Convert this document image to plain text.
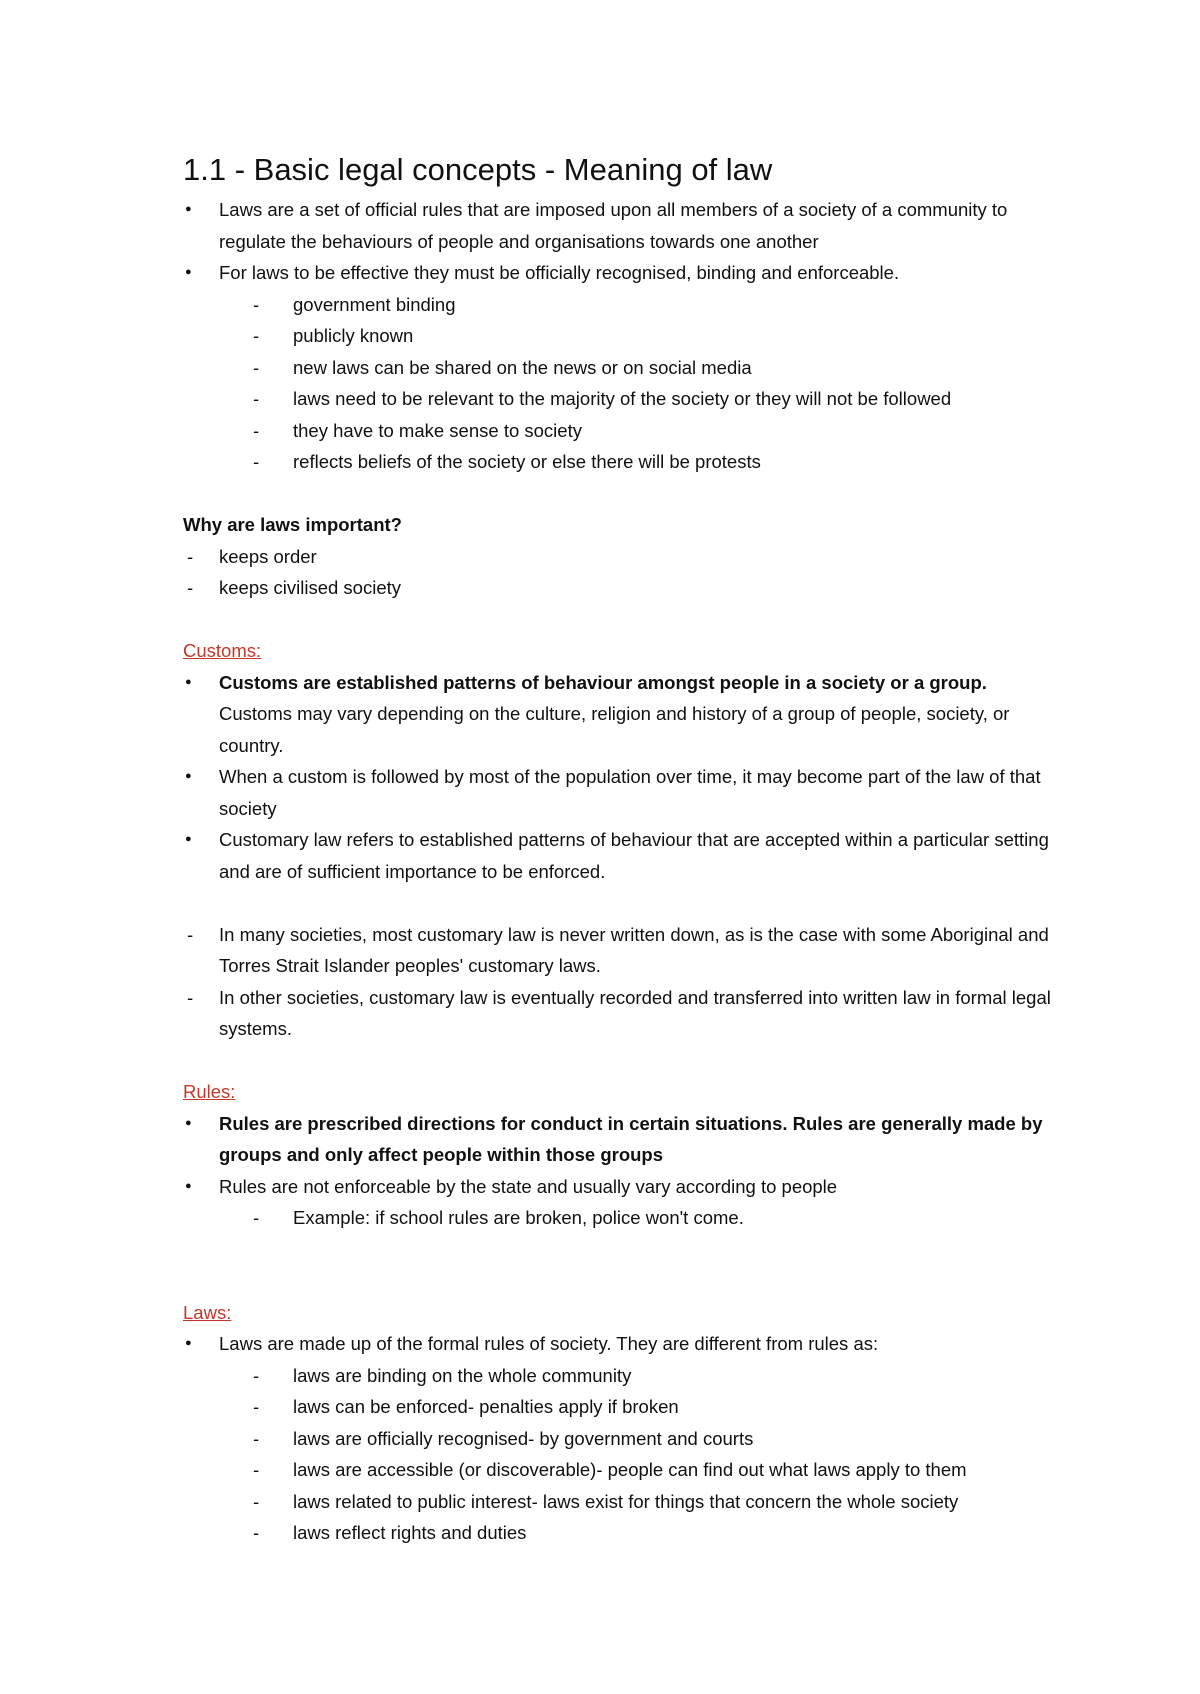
1.1 - Basic legal concepts - Meaning of law
● Laws are a set of official rules that are imposed upon all members of a society of a community to regulate the behaviours of people and organisations towards one another
● For laws to be effective they must be officially recognised, binding and enforceable.
- government binding
- publicly known
- new laws can be shared on the news or on social media
- laws need to be relevant to the majority of the society or they will not be followed
- they have to make sense to society
- reflects beliefs of the society or else there will be protests
Why are laws important?
- keeps order
- keeps civilised society
Customs:
● Customs are established patterns of behaviour amongst people in a society or a group. Customs may vary depending on the culture, religion and history of a group of people, society, or country.
● When a custom is followed by most of the population over time, it may become part of the law of that society
● Customary law refers to established patterns of behaviour that are accepted within a particular setting and are of sufficient importance to be enforced.
- In many societies, most customary law is never written down, as is the case with some Aboriginal and Torres Strait Islander peoples' customary laws.
- In other societies, customary law is eventually recorded and transferred into written law in formal legal systems.
Rules:
● Rules are prescribed directions for conduct in certain situations. Rules are generally made by groups and only affect people within those groups
● Rules are not enforceable by the state and usually vary according to people
- Example: if school rules are broken, police won't come.
Laws:
● Laws are made up of the formal rules of society. They are different from rules as:
- laws are binding on the whole community
- laws can be enforced- penalties apply if broken
- laws are officially recognised- by government and courts
- laws are accessible (or discoverable)- people can find out what laws apply to them
- laws related to public interest- laws exist for things that concern the whole society
- laws reflect rights and duties
